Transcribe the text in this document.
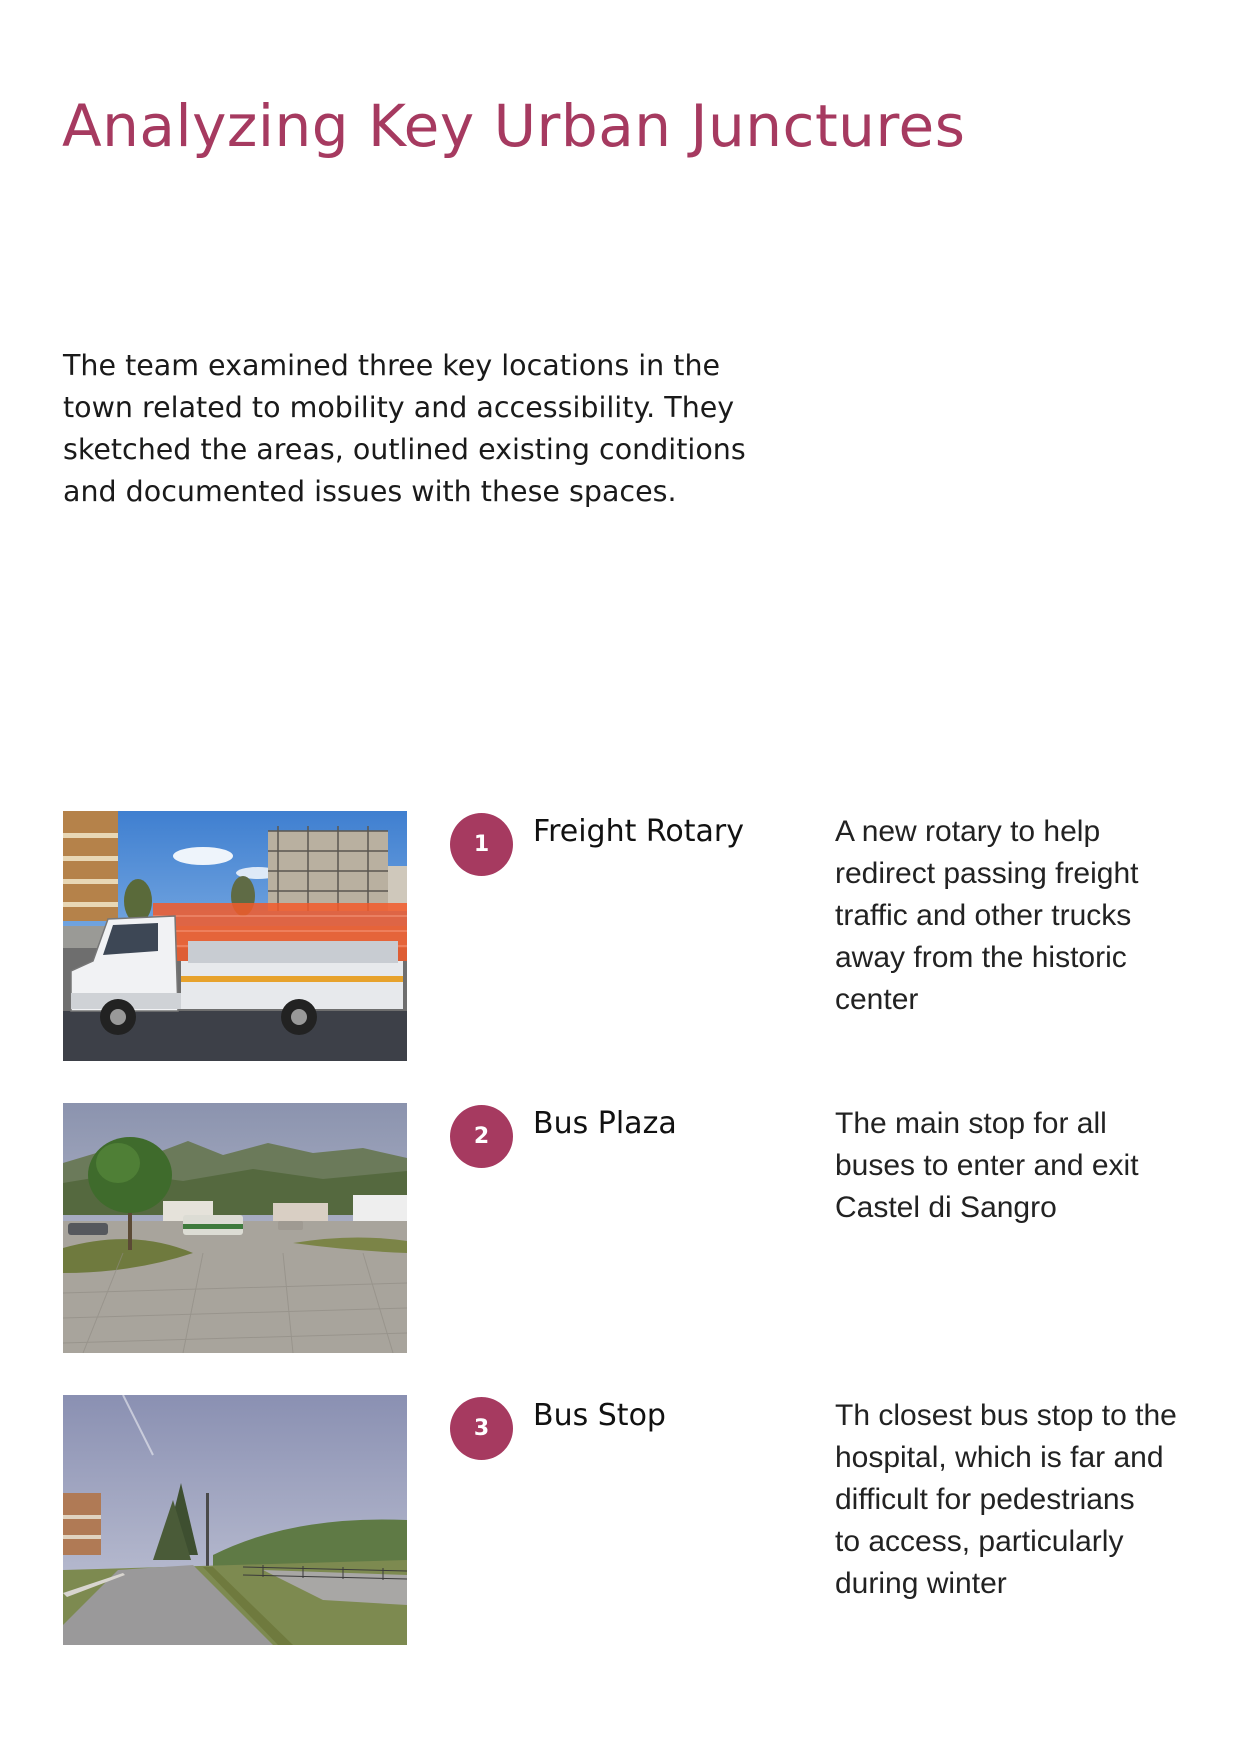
Analyzing Key Urban Junctures
The team examined three key locations in the
town related to mobility and accessibility. They
sketched the areas, outlined existing conditions
and documented issues with these spaces.
1	Freight Rotary	A new rotary to help
redirect passing freight
traffic and other trucks
away from the historic
center
2	Bus Plaza	The main stop for all
buses to enter and exit
Castel di Sangro
3	Bus Stop	Th closest bus stop to the
hospital, which is far and
difficult for pedestrians
to access, particularly
during winter
